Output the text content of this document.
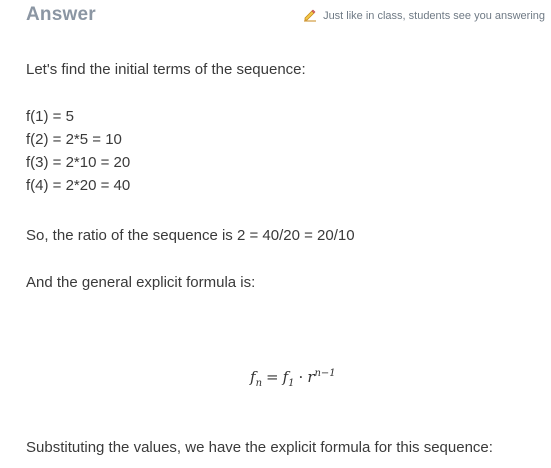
Answer	Just like in class, students see you answering
Let's find the initial terms of the sequence:
f(1) = 5
f(2) = 2*5 = 10
f(3) = 2*10 = 20
f(4) = 2*20 = 40
So, the ratio of the sequence is 2 = 40/20 = 20/10
And the general explicit formula is:
Substituting the values, we have the explicit formula for this sequence:
$f_n = f_1 \cdot r^{n-1}$
